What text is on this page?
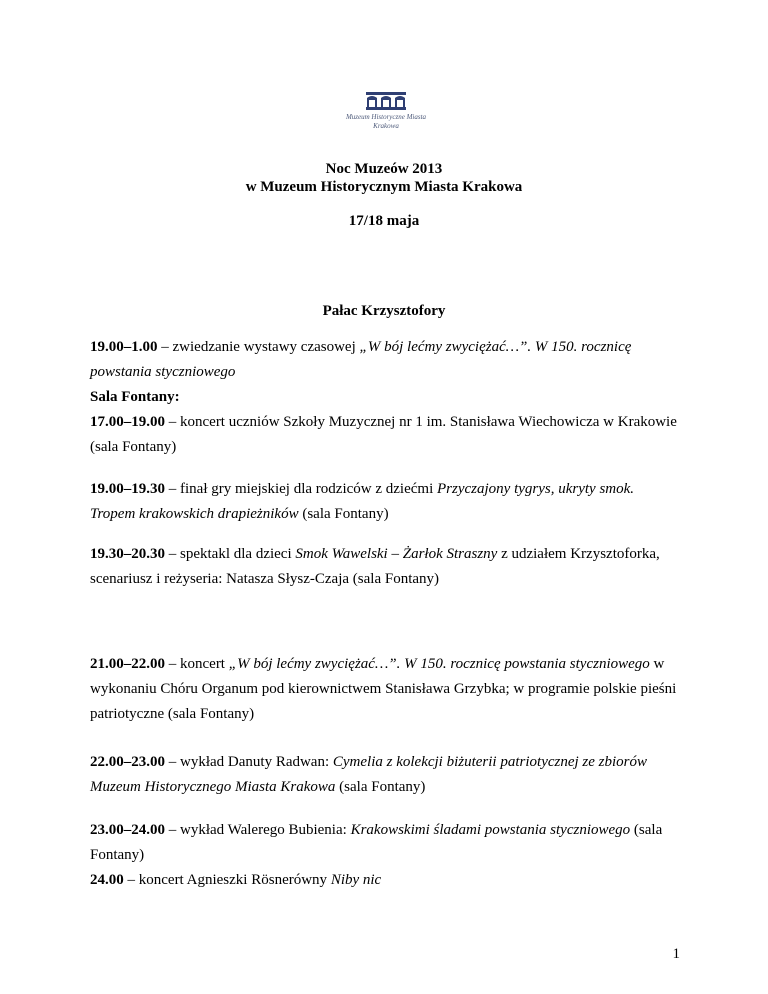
Muzeum Historyczne Miasta
Krakowa
Noc Muzeów 2013
w Muzeum Historycznym Miasta Krakowa
17/18 maja
Pałac Krzysztofory
19.00–1.00 – zwiedzanie wystawy czasowej „W bój lećmy zwyciężać…”. W 150. rocznicę powstania styczniowego
Sala Fontany:
17.00–19.00 – koncert uczniów Szkoły Muzycznej nr 1 im. Stanisława Wiechowicza w Krakowie (sala Fontany)
19.00–19.30 – finał gry miejskiej dla rodziców z dziećmi Przyczajony tygrys, ukryty smok. Tropem krakowskich drapieżników (sala Fontany)
19.30–20.30 – spektakl dla dzieci Smok Wawelski – Żarłok Straszny z udziałem Krzysztoforka, scenariusz i reżyseria: Natasza Słysz-Czaja (sala Fontany)
21.00–22.00 – koncert „W bój lećmy zwyciężać…”. W 150. rocznicę powstania styczniowego w wykonaniu Chóru Organum pod kierownictwem Stanisława Grzybka; w programie polskie pieśni patriotyczne (sala Fontany)
22.00–23.00 – wykład Danuty Radwan: Cymelia z kolekcji biżuterii patriotycznej ze zbiorów Muzeum Historycznego Miasta Krakowa (sala Fontany)
23.00–24.00 – wykład Walerego Bubienia: Krakowskimi śladami powstania styczniowego (sala Fontany)
24.00 – koncert Agnieszki Rösnerówny Niby nic
1
